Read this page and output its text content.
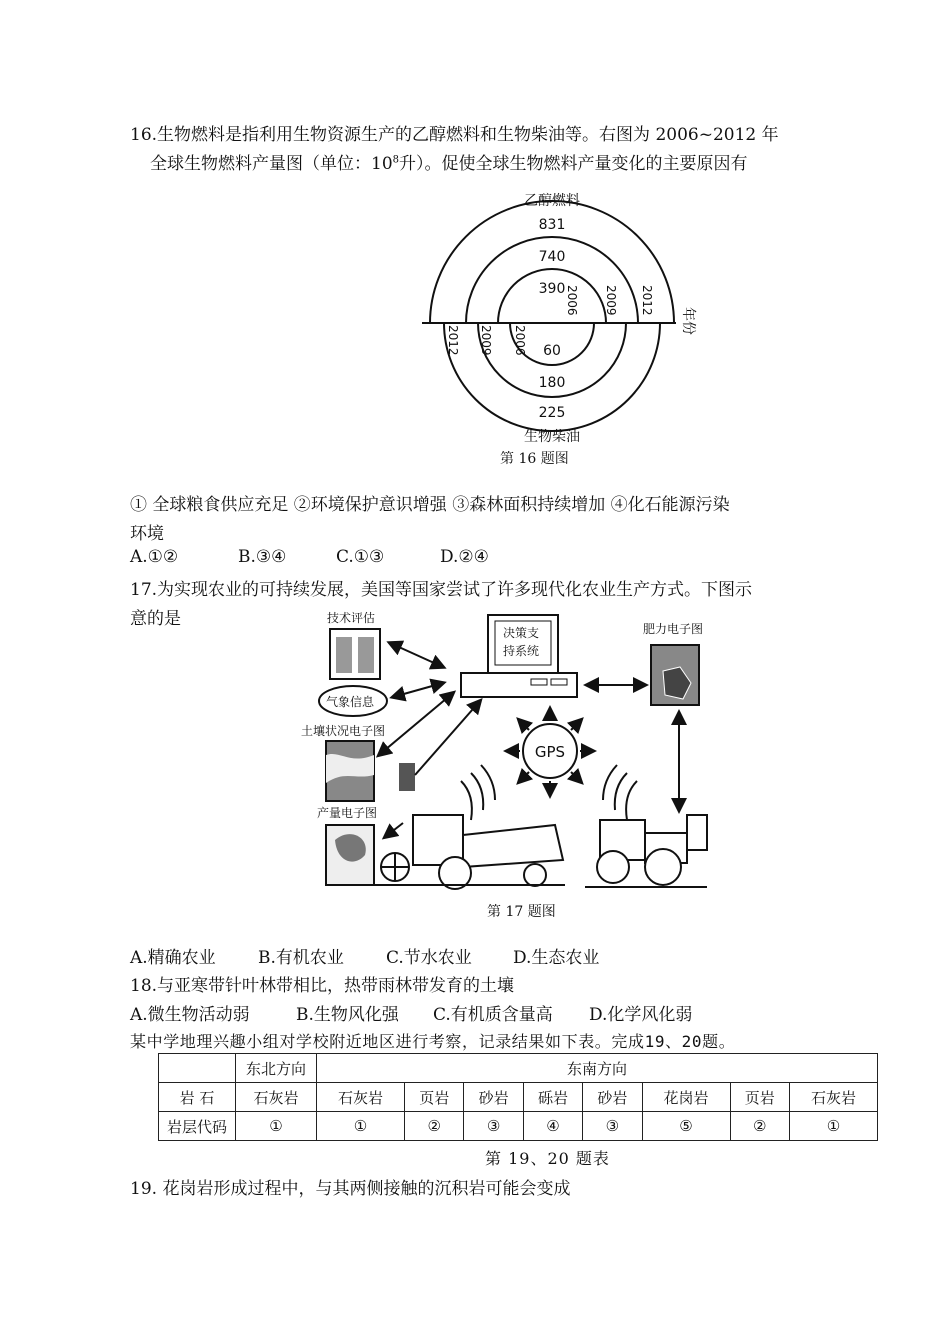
16.生物燃料是指利用生物资源生产的乙醇燃料和生物柴油等。右图为 2006~2012 年
全球生物燃料产量图（单位：$10^8$升）。促使全球生物燃料产量变化的主要原因有
乙醇燃料
831
740
390
60
180
225
生物柴油
2006 2009 2012
2006
2009
2012
年份
第 16 题图
① 全球粮食供应充足 ②环境保护意识增强 ③森林面积持续增加 ④化石能源污染
环境
A.①②	B.③④	C.①③	D.②④
17.为实现农业的可持续发展，美国等国家尝试了许多现代化农业生产方式。下图示
意的是	技术评估
土壤状况电子图
产量电子图
肥力电子图
气象信息
决策支
持系统
GPS
第 17 题图
A.精确农业 B.有机农业 C.节水农业 D.生态农业
18.与亚寒带针叶林带相比，热带雨林带发育的土壤
A.微生物活动弱	B.生物风化强 C.有机质含量高 D.化学风化弱
某中学地理兴趣小组对学校附近地区进行考察，记录结果如下表。完成19、20题。
	东北方向	东南方向							
岩 石	石灰岩	石灰岩	页岩	砂岩	砾岩	砂岩	花岗岩	页岩	石灰岩
岩层代码	①	①	②	③	④	③	⑤	②	①
第 19、20 题表
19. 花岗岩形成过程中，与其两侧接触的沉积岩可能会变成
